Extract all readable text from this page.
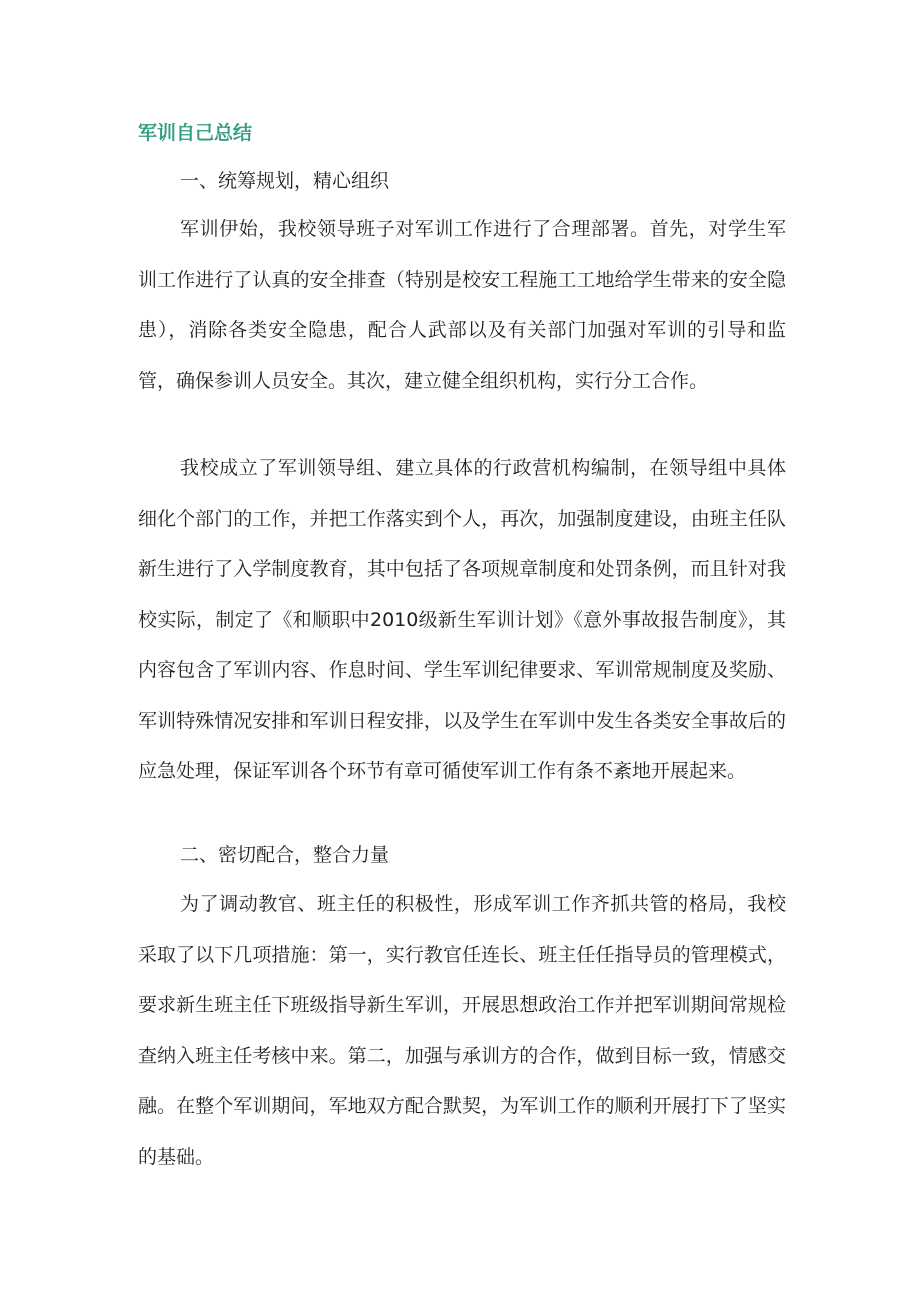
军训自己总结
一、统筹规划，精心组织

军训伊始，我校领导班子对军训工作进行了合理部署。首先，对学生军训工作进行了认真的安全排查（特别是校安工程施工工地给学生带来的安全隐患），消除各类安全隐患，配合人武部以及有关部门加强对军训的引导和监管，确保参训人员安全。其次，建立健全组织机构，实行分工合作。

我校成立了军训领导组、建立具体的行政营机构编制，在领导组中具体细化个部门的工作，并把工作落实到个人，再次，加强制度建设，由班主任队新生进行了入学制度教育，其中包括了各项规章制度和处罚条例，而且针对我校实际，制定了《和顺职中2010级新生军训计划》《意外事故报告制度》，其内容包含了军训内容、作息时间、学生军训纪律要求、军训常规制度及奖励、军训特殊情况安排和军训日程安排，以及学生在军训中发生各类安全事故后的应急处理，保证军训各个环节有章可循使军训工作有条不紊地开展起来。

二、密切配合，整合力量

为了调动教官、班主任的积极性，形成军训工作齐抓共管的格局，我校采取了以下几项措施：第一，实行教官任连长、班主任任指导员的管理模式，要求新生班主任下班级指导新生军训，开展思想政治工作并把军训期间常规检查纳入班主任考核中来。第二，加强与承训方的合作，做到目标一致，情感交融。在整个军训期间，军地双方配合默契，为军训工作的顺利开展打下了坚实的基础。
